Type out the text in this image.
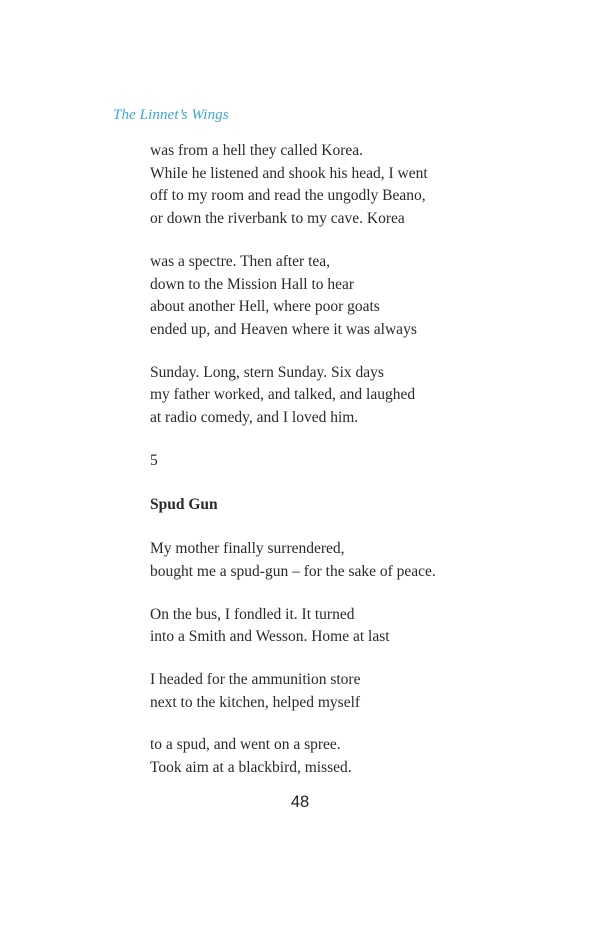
The Linnet’s Wings
was from a hell they called Korea.
While he listened and shook his head, I went
off to my room and read the ungodly Beano,
or down the riverbank to my cave. Korea
was a spectre. Then after tea,
down to the Mission Hall to hear
about another Hell, where poor goats
ended up, and Heaven where it was always
Sunday. Long, stern Sunday. Six days
my father worked, and talked, and laughed
at radio comedy, and I loved him.
5
Spud Gun
My mother finally surrendered,
bought me a spud-gun – for the sake of peace.
On the bus, I fondled it. It turned
into a Smith and Wesson. Home at last
I headed for the ammunition store
next to the kitchen, helped myself
to a spud, and went on a spree.
Took aim at a blackbird, missed.
48
